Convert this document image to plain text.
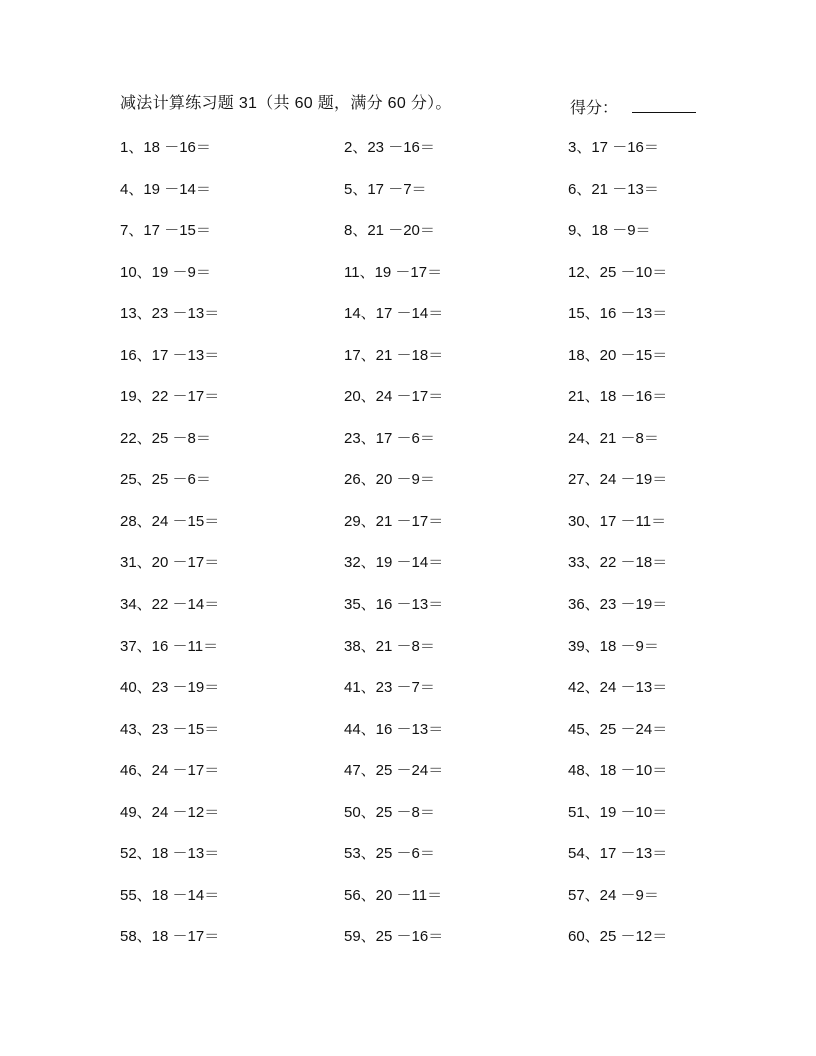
减法计算练习题 31（共 60 题，满分 60 分）。	得分：
1、18 －16＝	2、23 －16＝	3、17 －16＝
4、19 －14＝	5、17 －7＝	6、21 －13＝
7、17 －15＝	8、21 －20＝	9、18 －9＝
10、19 －9＝	11、19 －17＝	12、25 －10＝
13、23 －13＝	14、17 －14＝	15、16 －13＝
16、17 －13＝	17、21 －18＝	18、20 －15＝
19、22 －17＝	20、24 －17＝	21、18 －16＝
22、25 －8＝	23、17 －6＝	24、21 －8＝
25、25 －6＝	26、20 －9＝	27、24 －19＝
28、24 －15＝	29、21 －17＝	30、17 －11＝
31、20 －17＝	32、19 －14＝	33、22 －18＝
34、22 －14＝	35、16 －13＝	36、23 －19＝
37、16 －11＝	38、21 －8＝	39、18 －9＝
40、23 －19＝	41、23 －7＝	42、24 －13＝
43、23 －15＝	44、16 －13＝	45、25 －24＝
46、24 －17＝	47、25 －24＝	48、18 －10＝
49、24 －12＝	50、25 －8＝	51、19 －10＝
52、18 －13＝	53、25 －6＝	54、17 －13＝
55、18 －14＝	56、20 －11＝	57、24 －9＝
58、18 －17＝	59、25 －16＝	60、25 －12＝
